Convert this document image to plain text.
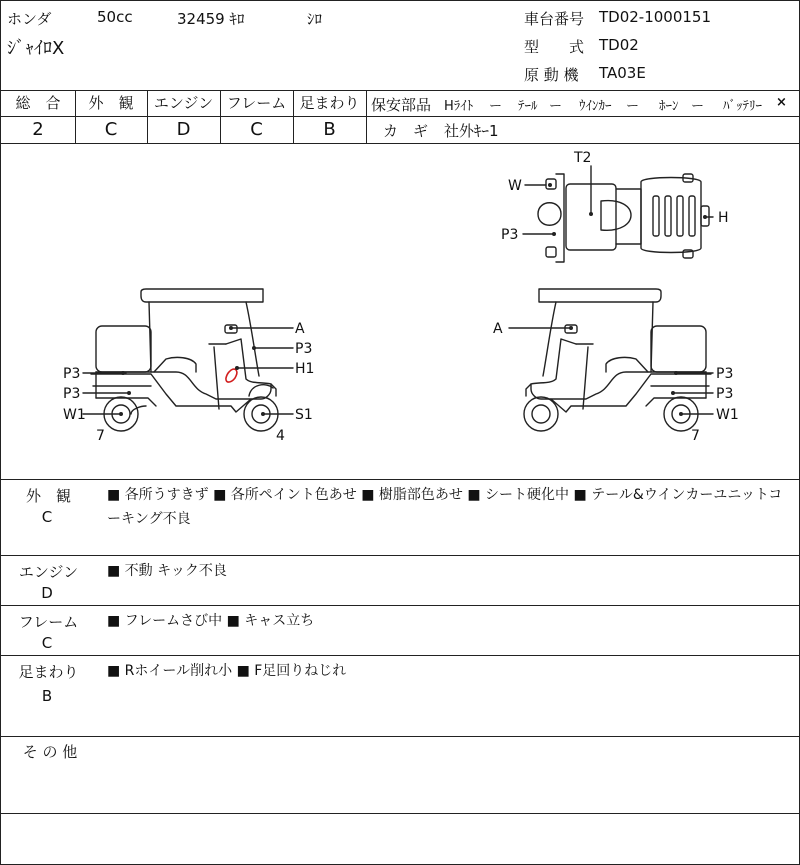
ホンダ	50cc	32459 ｷﾛ	ｼﾛ
ｼﾞｬｲﾛX
車台番号 TD02-1000151
型　　式 TD02
原 動 機 TA03E
総　合	外　観	エンジン フレーム 足まわり
2	C	D	C	B
保安部品 Hﾗｲﾄ ー ﾃｰﾙ ー ｳｲﾝｶｰ ー ﾎｰﾝ ー ﾊﾞｯﾃﾘｰ ×
カ　ギ 社外ｷｰ1
T2
W
P3
H
A
P3
H1
P3
P3
W1	S1
7	4
A
P3
P3
W1
7
外　観
C
■ 各所うすきず ■ 各所ペイント色あせ ■ 樹脂部色あせ ■ シート硬化中 ■ テール&ウインカーユニットコーキング不良
エンジン
D
■ 不動 キック不良
フレーム
C
■ フレームさび中 ■ キャス立ち
足まわり
B
■ Rホイール削れ小 ■ F足回りねじれ
そ の 他
